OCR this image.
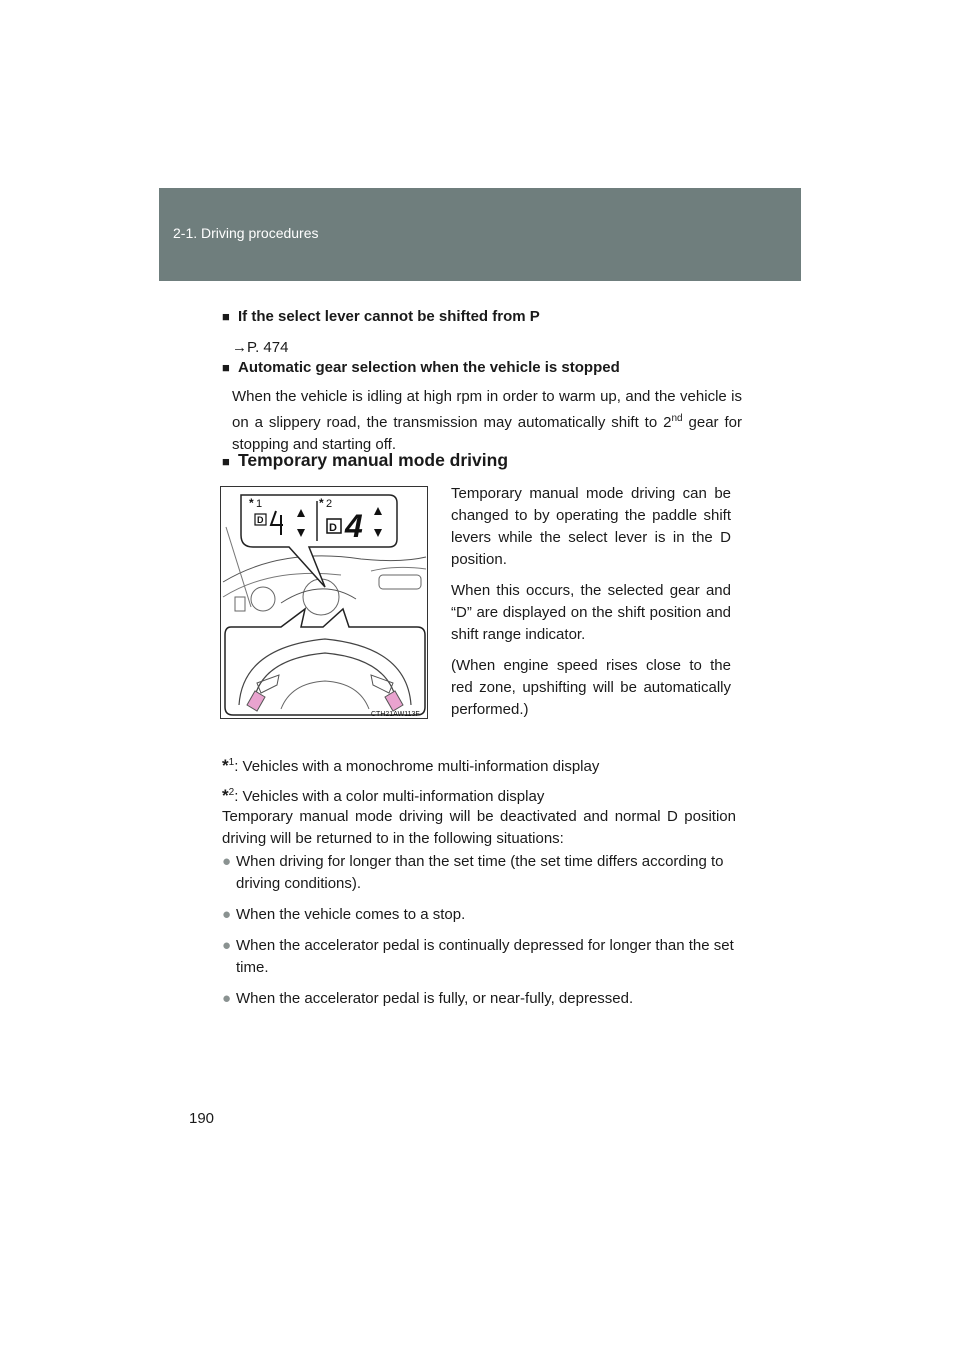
2-1. Driving procedures
■ If the select lever cannot be shifted from P
→P. 474
■ Automatic gear selection when the vehicle is stopped
When the vehicle is idling at high rpm in order to warm up, and the vehicle is on a slippery road, the transmission may automatically shift to 2nd gear for stopping and starting off.
■ Temporary manual mode driving
D
D 4
* 1	* 2
CTH21AW113F

Temporary manual mode driving can be changed to by operating the paddle shift levers while the select lever is in the D position.

When this occurs, the selected gear and “D” are displayed on the shift position and shift range indicator.

(When engine speed rises close to the red zone, upshifting will be automatically performed.)

*$^1$: Vehicles with a monochrome multi-information display
*$^2$: Vehicles with a color multi-information display
Temporary manual mode driving will be deactivated and normal D position driving will be returned to in the following situations:
● When driving for longer than the set time (the set time differs according to driving conditions).
● When the vehicle comes to a stop.
● When the accelerator pedal is continually depressed for longer than the set time.
● When the accelerator pedal is fully, or near-fully, depressed.
190
